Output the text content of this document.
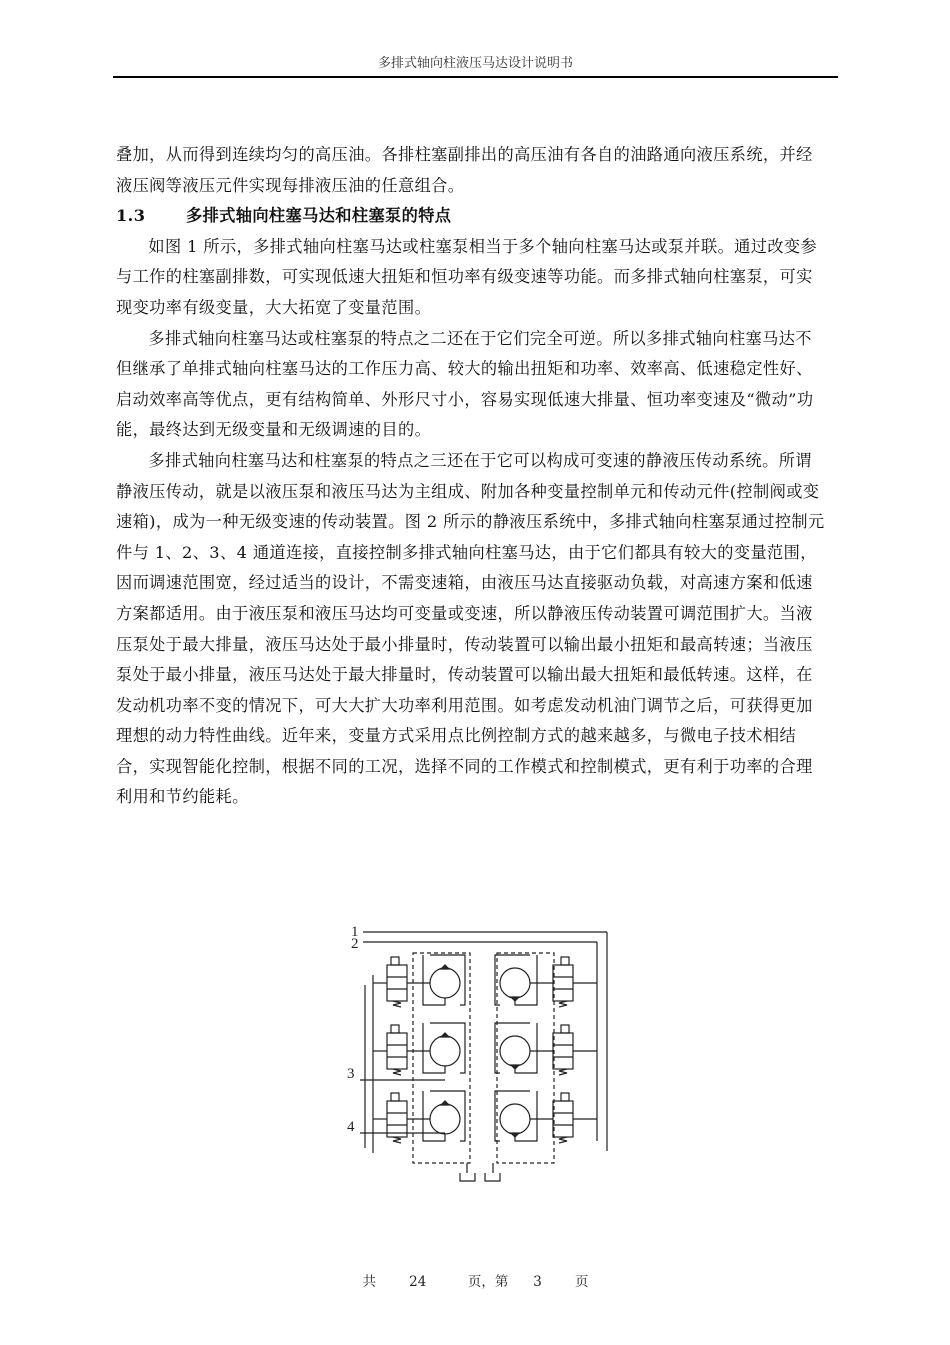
多排式轴向柱液压马达设计说明书

叠加，从而得到连续均匀的高压油。各排柱塞副排出的高压油有各自的油路通向液压系统，并经液压阀等液压元件实现每排液压油的任意组合。

1.3	多排式轴向柱塞马达和柱塞泵的特点

如图 1 所示，多排式轴向柱塞马达或柱塞泵相当于多个轴向柱塞马达或泵并联。通过改变参与工作的柱塞副排数，可实现低速大扭矩和恒功率有级变速等功能。而多排式轴向柱塞泵，可实现变功率有级变量，大大拓宽了变量范围。

多排式轴向柱塞马达或柱塞泵的特点之二还在于它们完全可逆。所以多排式轴向柱塞马达不但继承了单排式轴向柱塞马达的工作压力高、较大的输出扭矩和功率、效率高、低速稳定性好、启动效率高等优点，更有结构简单、外形尺寸小，容易实现低速大排量、恒功率变速及“微动”功能，最终达到无级变量和无级调速的目的。

多排式轴向柱塞马达和柱塞泵的特点之三还在于它可以构成可变速的静液压传动系统。所谓静液压传动，就是以液压泵和液压马达为主组成、附加各种变量控制单元和传动元件(控制阀或变速箱)，成为一种无级变速的传动装置。图 2 所示的静液压系统中，多排式轴向柱塞泵通过控制元件与 1、2、3、4 通道连接，直接控制多排式轴向柱塞马达，由于它们都具有较大的变量范围，因而调速范围宽，经过适当的设计，不需变速箱，由液压马达直接驱动负载，对高速方案和低速方案都适用。由于液压泵和液压马达均可变量或变速，所以静液压传动装置可调范围扩大。当液压泵处于最大排量，液压马达处于最小排量时，传动装置可以输出最小扭矩和最高转速；当液压泵处于最小排量，液压马达处于最大排量时，传动装置可以输出最大扭矩和最低转速。这样，在发动机功率不变的情况下，可大大扩大功率利用范围。如考虑发动机油门调节之后，可获得更加理想的动力特性曲线。近年来，变量方式采用点比例控制方式的越来越多，与微电子技术相结合，实现智能化控制，根据不同的工况，选择不同的工作模式和控制模式，更有利于功率的合理利用和节约能耗。

1
2
3
4
共 24	页，第 3 页
